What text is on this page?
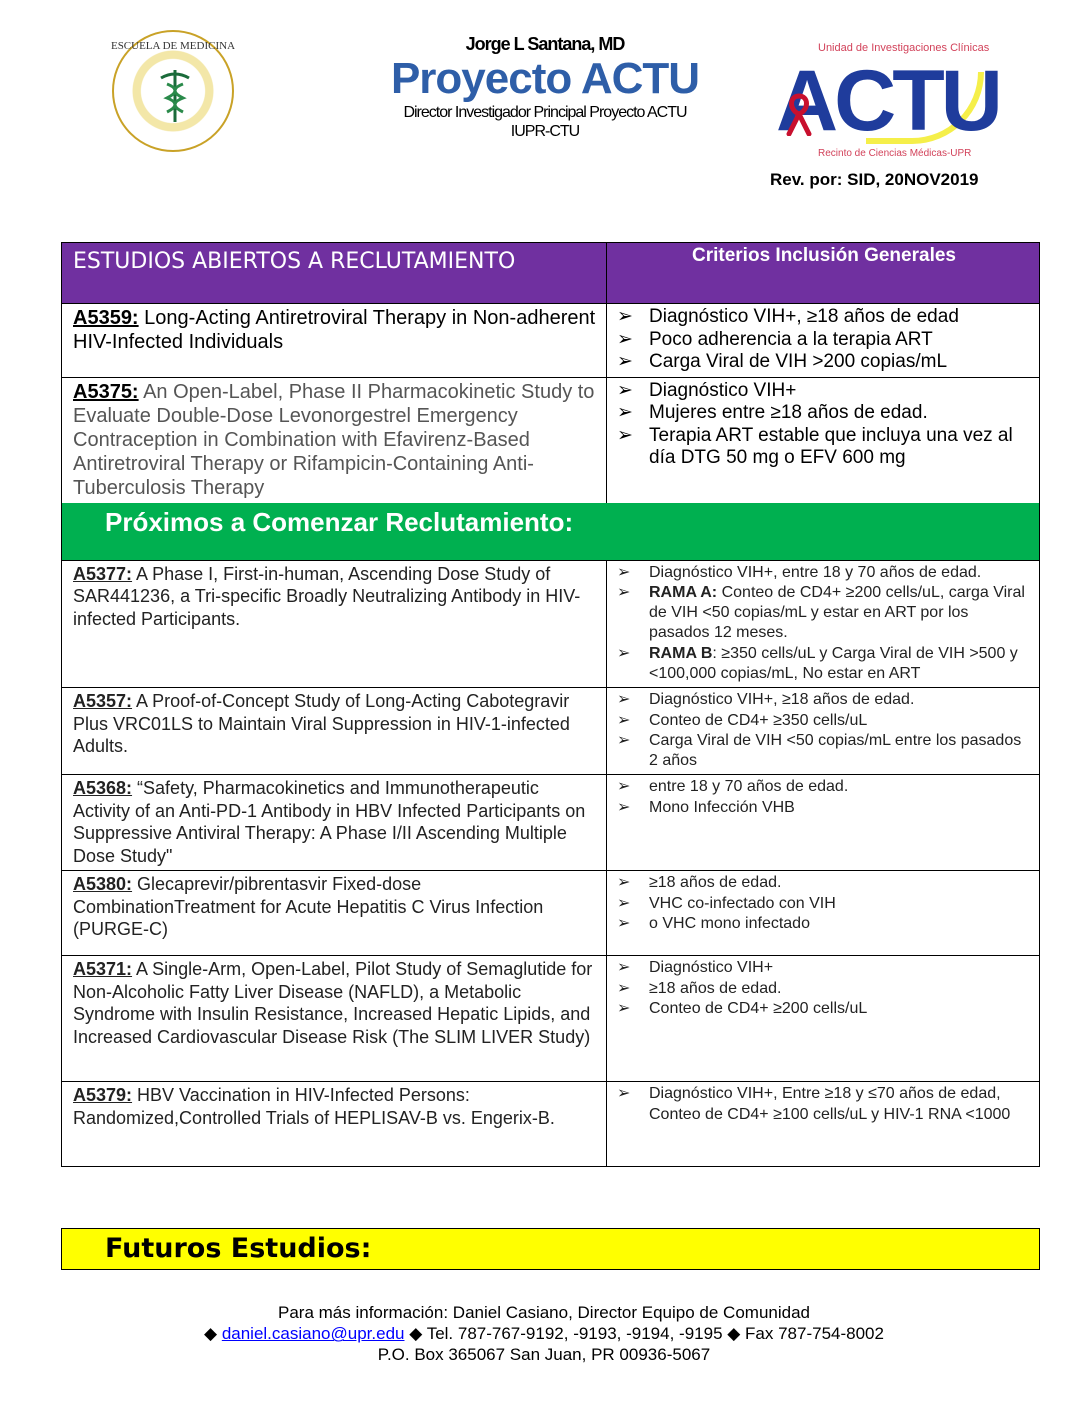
ESCUELA DE MEDICINA	Jorge L Santana, MD
Proyecto ACTU
Director Investigador Principal Proyecto ACTU
IUPR-CTU
Unidad de Investigaciones Clínicas
ACTU
Recinto de Ciencias Médicas-UPR
Rev. por: SID, 20NOV2019
ESTUDIOS ABIERTOS A RECLUTAMIENTO	Criterios Inclusión Generales
A5359: Long-Acting Antiretroviral Therapy in Non-adherent HIV-Infected Individuals
➢ Diagnóstico VIH+, ≥18 años de edad
➢ Poco adherencia a la terapia ART
➢ Carga Viral de VIH >200 copias/mL
A5375: An Open-Label, Phase II Pharmacokinetic Study to Evaluate Double-Dose Levonorgestrel Emergency Contraception in Combination with Efavirenz-Based Antiretroviral Therapy or Rifampicin-Containing Anti-Tuberculosis Therapy
➢ Diagnóstico VIH+
➢ Mujeres entre ≥18 años de edad.
➢ Terapia ART estable que incluya una vez al día DTG 50 mg o EFV 600 mg
Próximos a Comenzar Reclutamiento:
A5377: A Phase I, First-in-human, Ascending Dose Study of SAR441236, a Tri-specific Broadly Neutralizing Antibody in HIV-infected Participants.
➢ Diagnóstico VIH+, entre 18 y 70 años de edad.
➢ RAMA A: Conteo de CD4+ ≥200 cells/uL, carga Viral de VIH <50 copias/mL y estar en ART por los pasados 12 meses.
➢ RAMA B: ≥350 cells/uL y Carga Viral de VIH >500 y <100,000 copias/mL, No estar en ART
A5357: A Proof-of-Concept Study of Long-Acting Cabotegravir Plus VRC01LS to Maintain Viral Suppression in HIV-1-infected Adults.
➢ Diagnóstico VIH+, ≥18 años de edad.
➢ Conteo de CD4+ ≥350 cells/uL
➢ Carga Viral de VIH <50 copias/mL entre los pasados 2 años
A5368: “Safety, Pharmacokinetics and Immunotherapeutic Activity of an Anti-PD-1 Antibody in HBV Infected Participants on Suppressive Antiviral Therapy: A Phase I/II Ascending Multiple Dose Study"
➢ entre 18 y 70 años de edad.
➢ Mono Infección VHB
A5380: Glecaprevir/pibrentasvir Fixed-dose CombinationTreatment for Acute Hepatitis C Virus Infection (PURGE-C)
➢ ≥18 años de edad.
➢ VHC co-infectado con VIH
➢ o VHC mono infectado
A5371: A Single-Arm, Open-Label, Pilot Study of Semaglutide for Non-Alcoholic Fatty Liver Disease (NAFLD), a Metabolic Syndrome with Insulin Resistance, Increased Hepatic Lipids, and Increased Cardiovascular Disease Risk (The SLIM LIVER Study)
➢ Diagnóstico VIH+
➢ ≥18 años de edad.
➢ Conteo de CD4+ ≥200 cells/uL
A5379: HBV Vaccination in HIV-Infected Persons: Randomized,Controlled Trials of HEPLISAV-B vs. Engerix-B.
➢ Diagnóstico VIH+, Entre ≥18 y ≤70 años de edad, Conteo de CD4+ ≥100 cells/uL y HIV-1 RNA <1000
Futuros Estudios:
Para más información: Daniel Casiano, Director Equipo de Comunidad
◆ daniel.casiano@upr.edu ◆ Tel. 787-767-9192, -9193, -9194, -9195 ◆ Fax 787-754-8002
P.O. Box 365067 San Juan, PR 00936-5067
